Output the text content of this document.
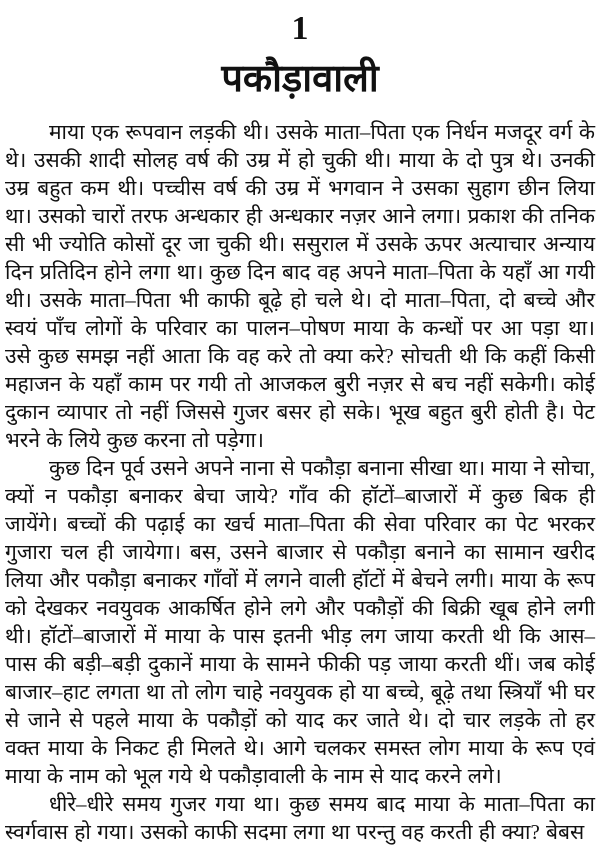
1
पकौड़ावाली

माया एक रूपवान लड़की थी। उसके माता–पिता एक निर्धन मजदूर वर्ग के थे। उसकी शादी सोलह वर्ष की उम्र में हो चुकी थी। माया के दो पुत्र थे। उनकी उम्र बहुत कम थी। पच्चीस वर्ष की उम्र में भगवान ने उसका सुहाग छीन लिया था। उसको चारों तरफ अन्धकार ही अन्धकार नज़र आने लगा। प्रकाश की तनिक सी भी ज्योति कोसों दूर जा चुकी थी। ससुराल में उसके ऊपर अत्याचार अन्याय दिन प्रतिदिन होने लगा था। कुछ दिन बाद वह अपने माता–पिता के यहाँ आ गयी थी। उसके माता–पिता भी काफी बूढ़े हो चले थे। दो माता–पिता, दो बच्चे और स्वयं पाँच लोगों के परिवार का पालन–पोषण माया के कन्धों पर आ पड़ा था। उसे कुछ समझ नहीं आता कि वह करे तो क्या करे? सोचती थी कि कहीं किसी महाजन के यहाँ काम पर गयी तो आजकल बुरी नज़र से बच नहीं सकेगी। कोई दुकान व्यापार तो नहीं जिससे गुजर बसर हो सके। भूख बहुत बुरी होती है। पेट भरने के लिये कुछ करना तो पड़ेगा।

कुछ दिन पूर्व उसने अपने नाना से पकौड़ा बनाना सीखा था। माया ने सोचा, क्यों न पकौड़ा बनाकर बेचा जाये? गाँव की हॉटों–बाजारों में कुछ बिक ही जायेंगे। बच्चों की पढ़ाई का खर्च माता–पिता की सेवा परिवार का पेट भरकर गुजारा चल ही जायेगा। बस, उसने बाजार से पकौड़ा बनाने का सामान खरीद लिया और पकौड़ा बनाकर गाँवों में लगने वाली हॉटों में बेचने लगी। माया के रूप को देखकर नवयुवक आकर्षित होने लगे और पकौड़ों की बिक्री खूब होने लगी थी। हॉटों–बाजारों में माया के पास इतनी भीड़ लग जाया करती थी कि आस–पास की बड़ी–बड़ी दुकानें माया के सामने फीकी पड़ जाया करती थीं। जब कोई बाजार–हाट लगता था तो लोग चाहे नवयुवक हो या बच्चे, बूढ़े तथा स्त्रियाँ भी घर से जाने से पहले माया के पकौड़ों को याद कर जाते थे। दो चार लड़के तो हर वक्त माया के निकट ही मिलते थे। आगे चलकर समस्त लोग माया के रूप एवं माया के नाम को भूल गये थे पकौड़ावाली के नाम से याद करने लगे।

धीरे–धीरे समय गुजर गया था। कुछ समय बाद माया के माता–पिता का स्वर्गवास हो गया। उसको काफी सदमा लगा था परन्तु वह करती ही क्या? बेबस
